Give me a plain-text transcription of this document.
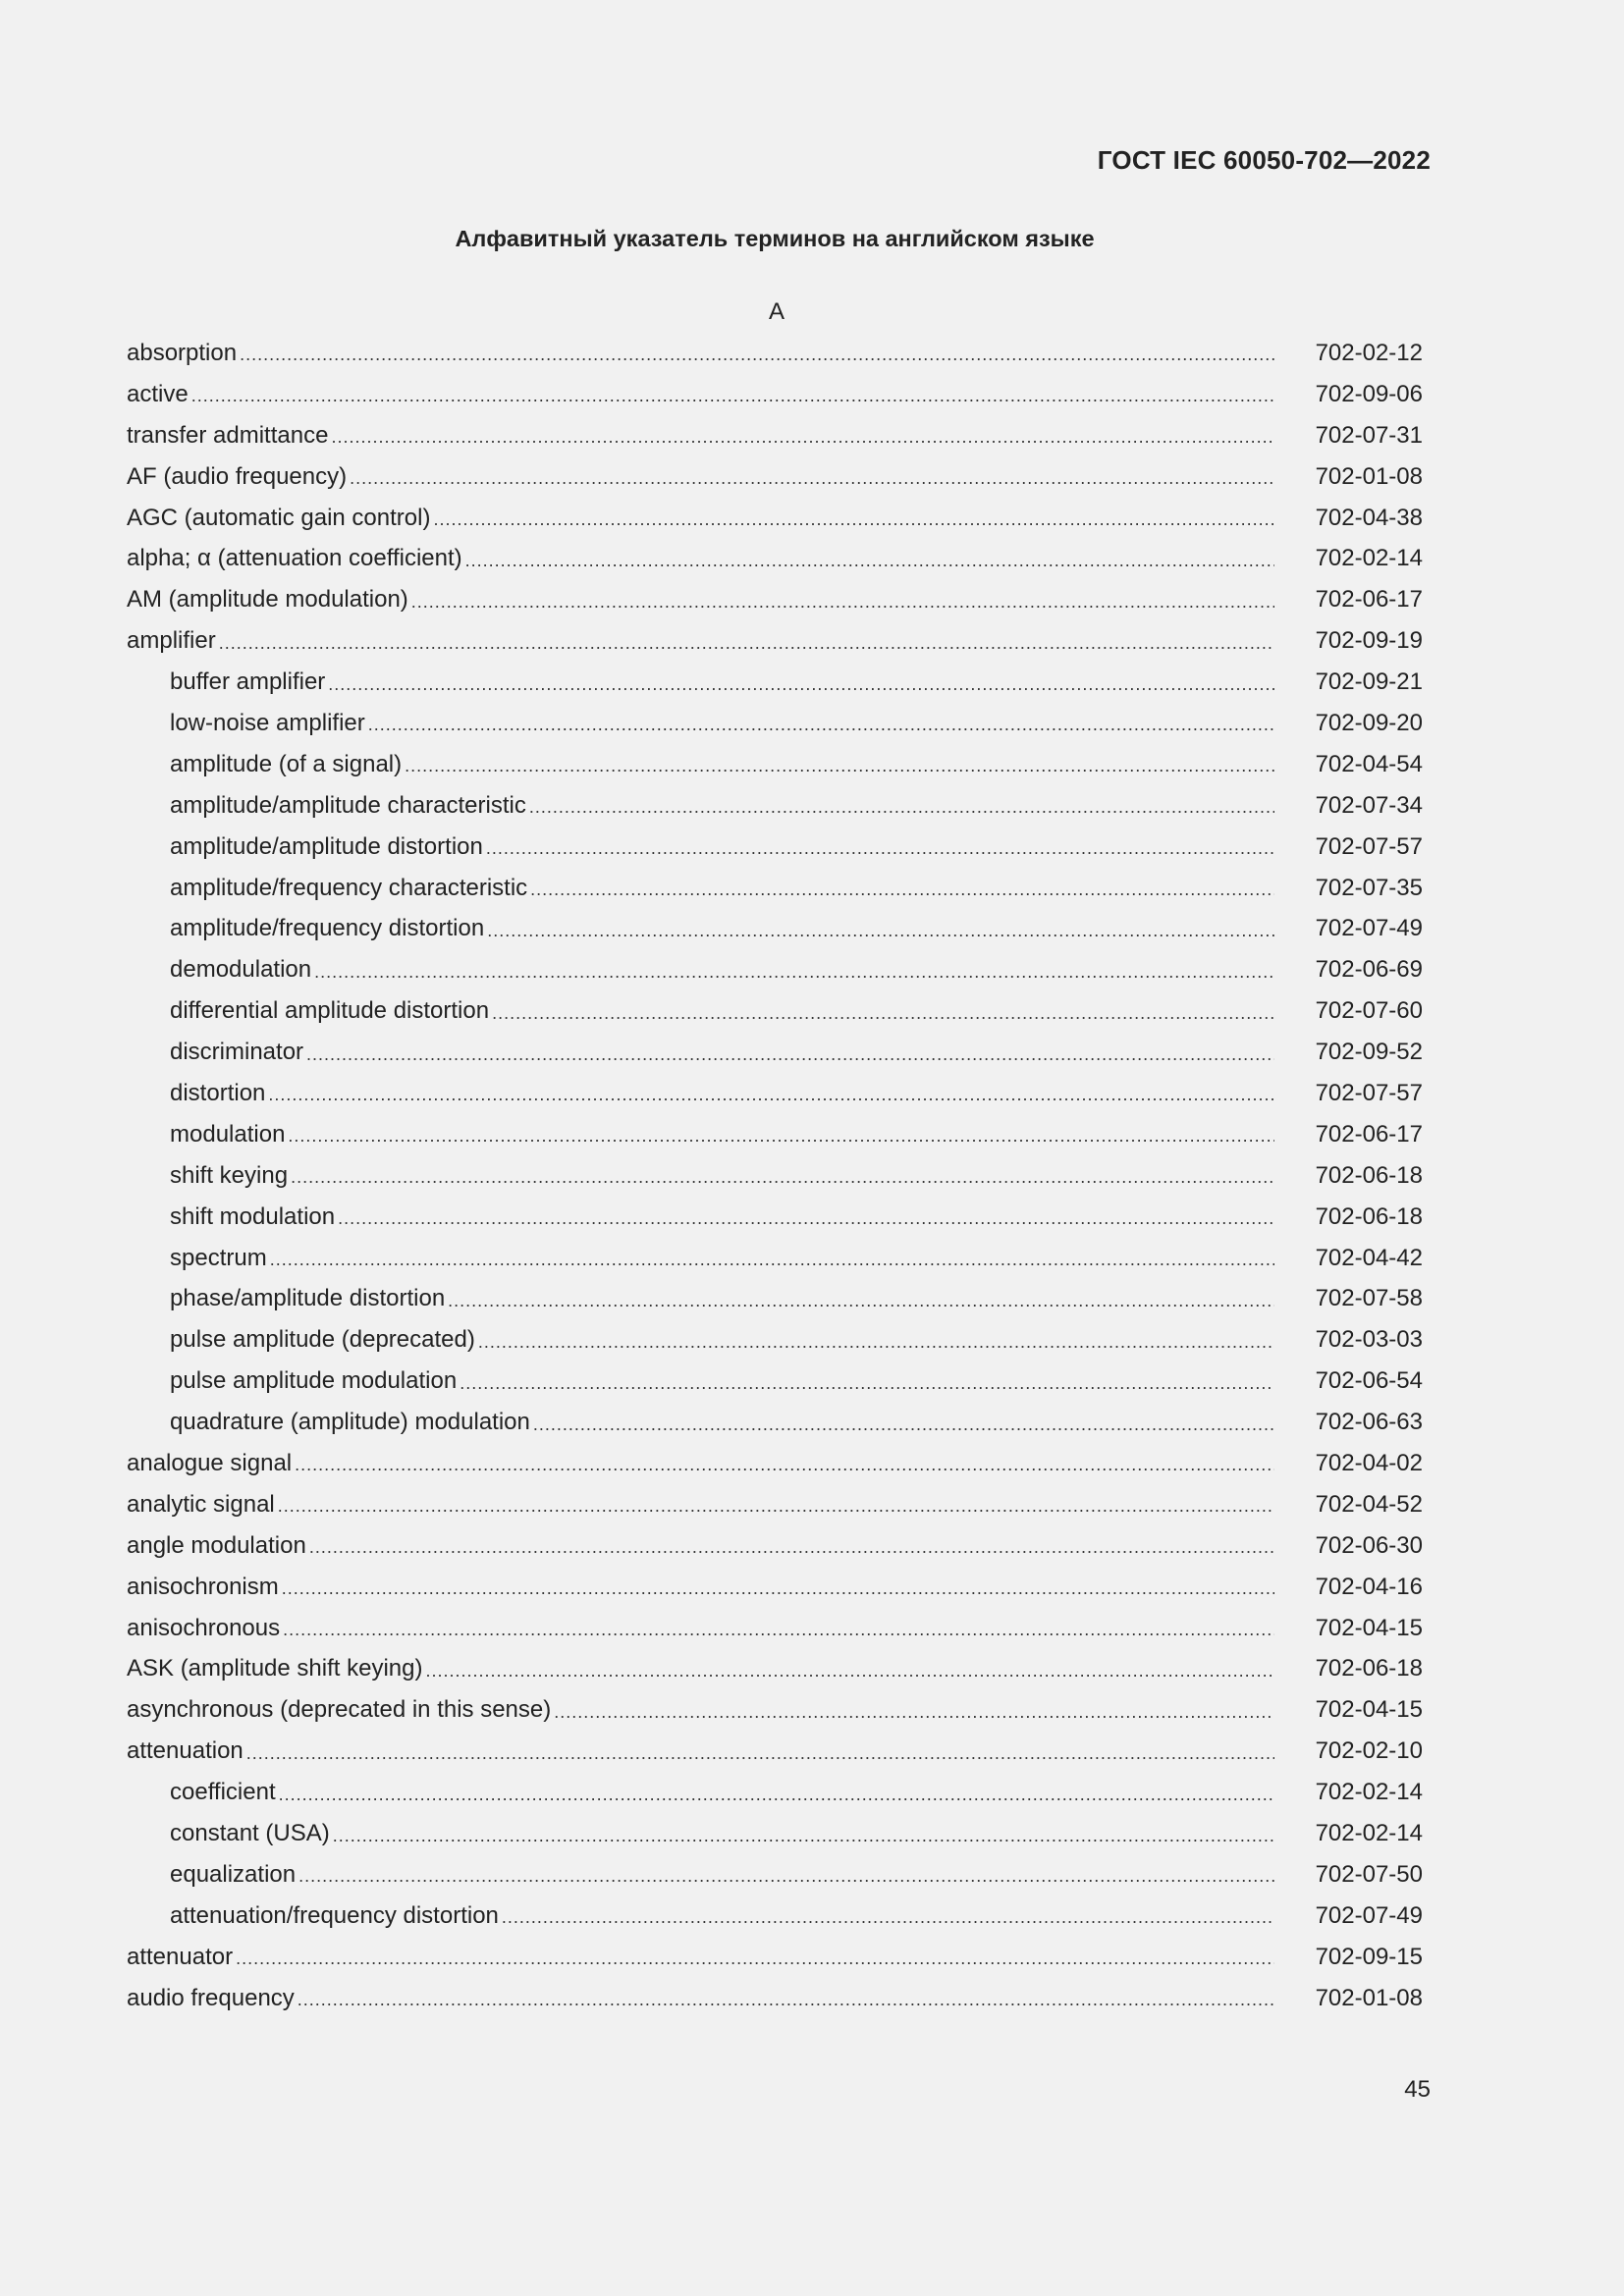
ГОСТ IEC 60050-702—2022
Алфавитный указатель терминов на английском языке
A
absorption .....	702-02-12
active .....	702-09-06
transfer admittance .....	702-07-31
AF (audio frequency) .....	702-01-08
AGC (automatic gain control) .....	702-04-38
alpha; α (attenuation coefficient) .....	702-02-14
AM (amplitude modulation) .....	702-06-17
amplifier .....	702-09-19
buffer amplifier .....	702-09-21
low-noise amplifier .....	702-09-20
amplitude (of a signal) .....	702-04-54
amplitude/amplitude characteristic .....	702-07-34
amplitude/amplitude distortion .....	702-07-57
amplitude/frequency characteristic .....	702-07-35
amplitude/frequency distortion .....	702-07-49
demodulation .....	702-06-69
differential amplitude distortion .....	702-07-60
discriminator .....	702-09-52
distortion .....	702-07-57
modulation .....	702-06-17
shift keying .....	702-06-18
shift modulation .....	702-06-18
spectrum .....	702-04-42
phase/amplitude distortion .....	702-07-58
pulse amplitude (deprecated) .....	702-03-03
pulse amplitude modulation .....	702-06-54
quadrature (amplitude) modulation .....	702-06-63
analogue signal .....	702-04-02
analytic signal .....	702-04-52
angle modulation .....	702-06-30
anisochronism .....	702-04-16
anisochronous .....	702-04-15
ASK (amplitude shift keying) .....	702-06-18
asynchronous (deprecated in this sense) .....	702-04-15
attenuation .....	702-02-10
coefficient .....	702-02-14
constant (USA) .....	702-02-14
equalization .....	702-07-50
attenuation/frequency distortion .....	702-07-49
attenuator .....	702-09-15
audio frequency .....	702-01-08
45
